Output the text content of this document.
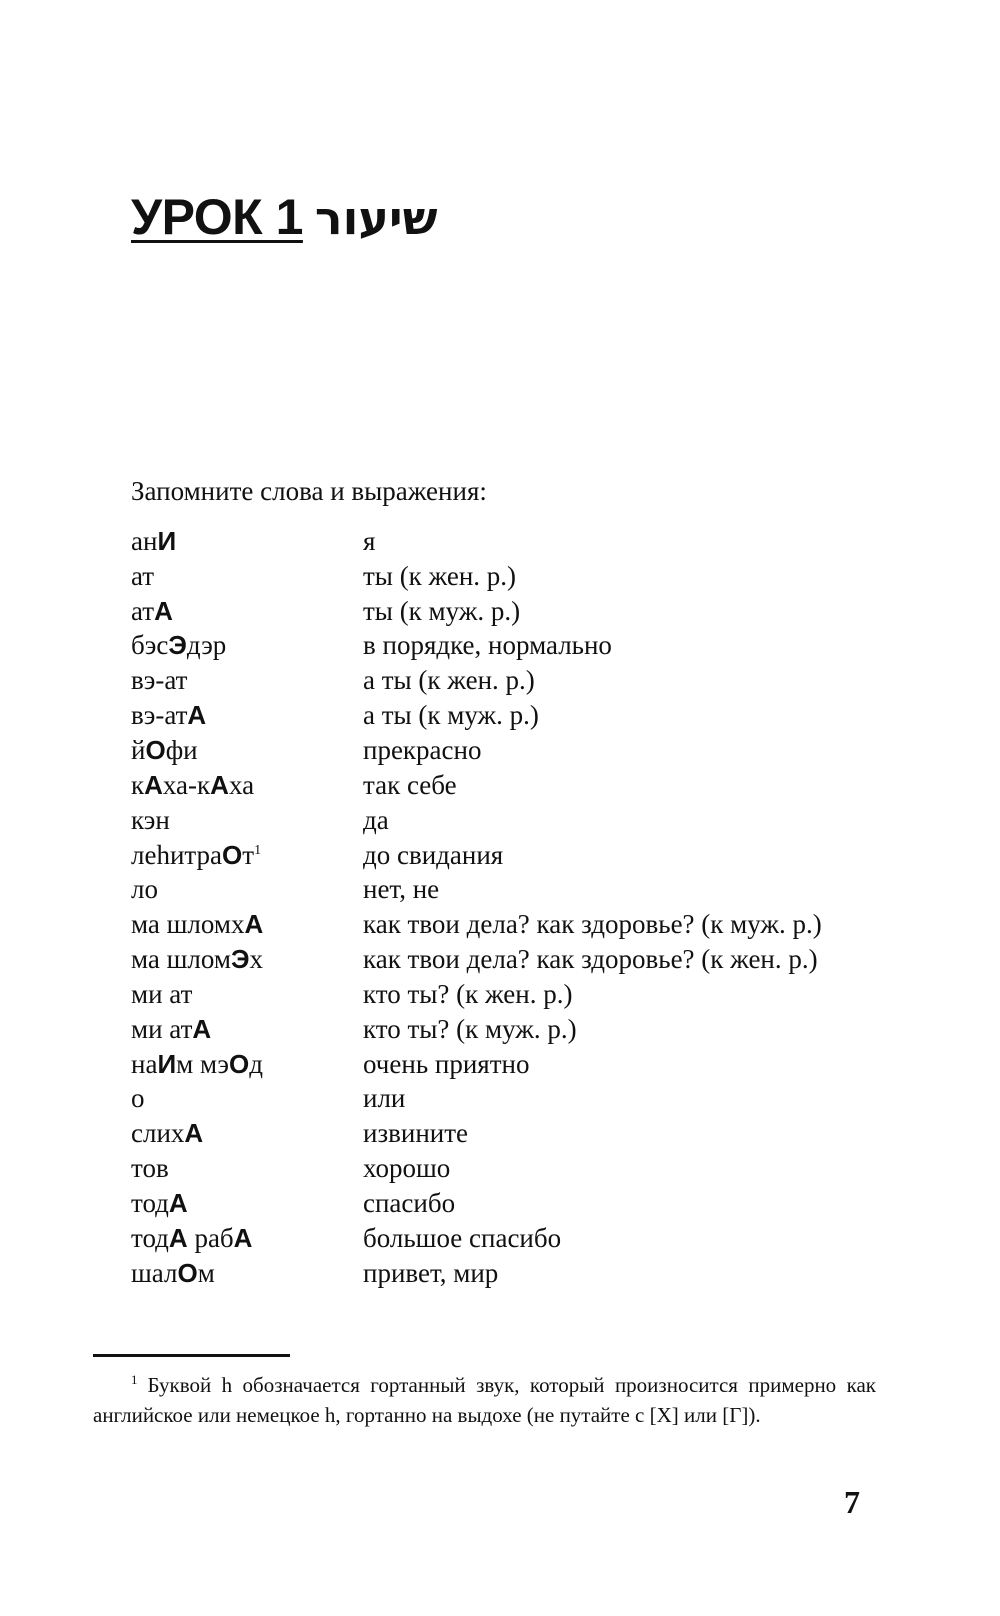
УРОК 1 שיעור
Запомните слова и выражения:
анИ	я
ат	ты (к жен. р.)
атА	ты (к муж. р.)
бэсЭдэр	в порядке, нормально
вэ-ат	а ты (к жен. р.)
вэ-атА	а ты (к муж. р.)
йОфи	прекрасно
кАха-кАха	так себе
кэн	да
леһитраОт$^1$	до свидания
ло	нет, не
ма шломхА	как твои дела? как здоровье? (к муж. р.)
ма шломЭх	как твои дела? как здоровье? (к жен. р.)
ми ат	кто ты? (к жен. р.)
ми атА	кто ты? (к муж. р.)
наИм мэОд	очень приятно
о	или
слихА	извините
тов	хорошо
тодА	спасибо
тодА рабА	большое спасибо
шалОм	привет, мир
1 Буквой һ обозначается гортанный звук, который произносится примерно как английское или немецкое h, гортанно на выдохе (не путайте с [Х] или [Г]).
7
